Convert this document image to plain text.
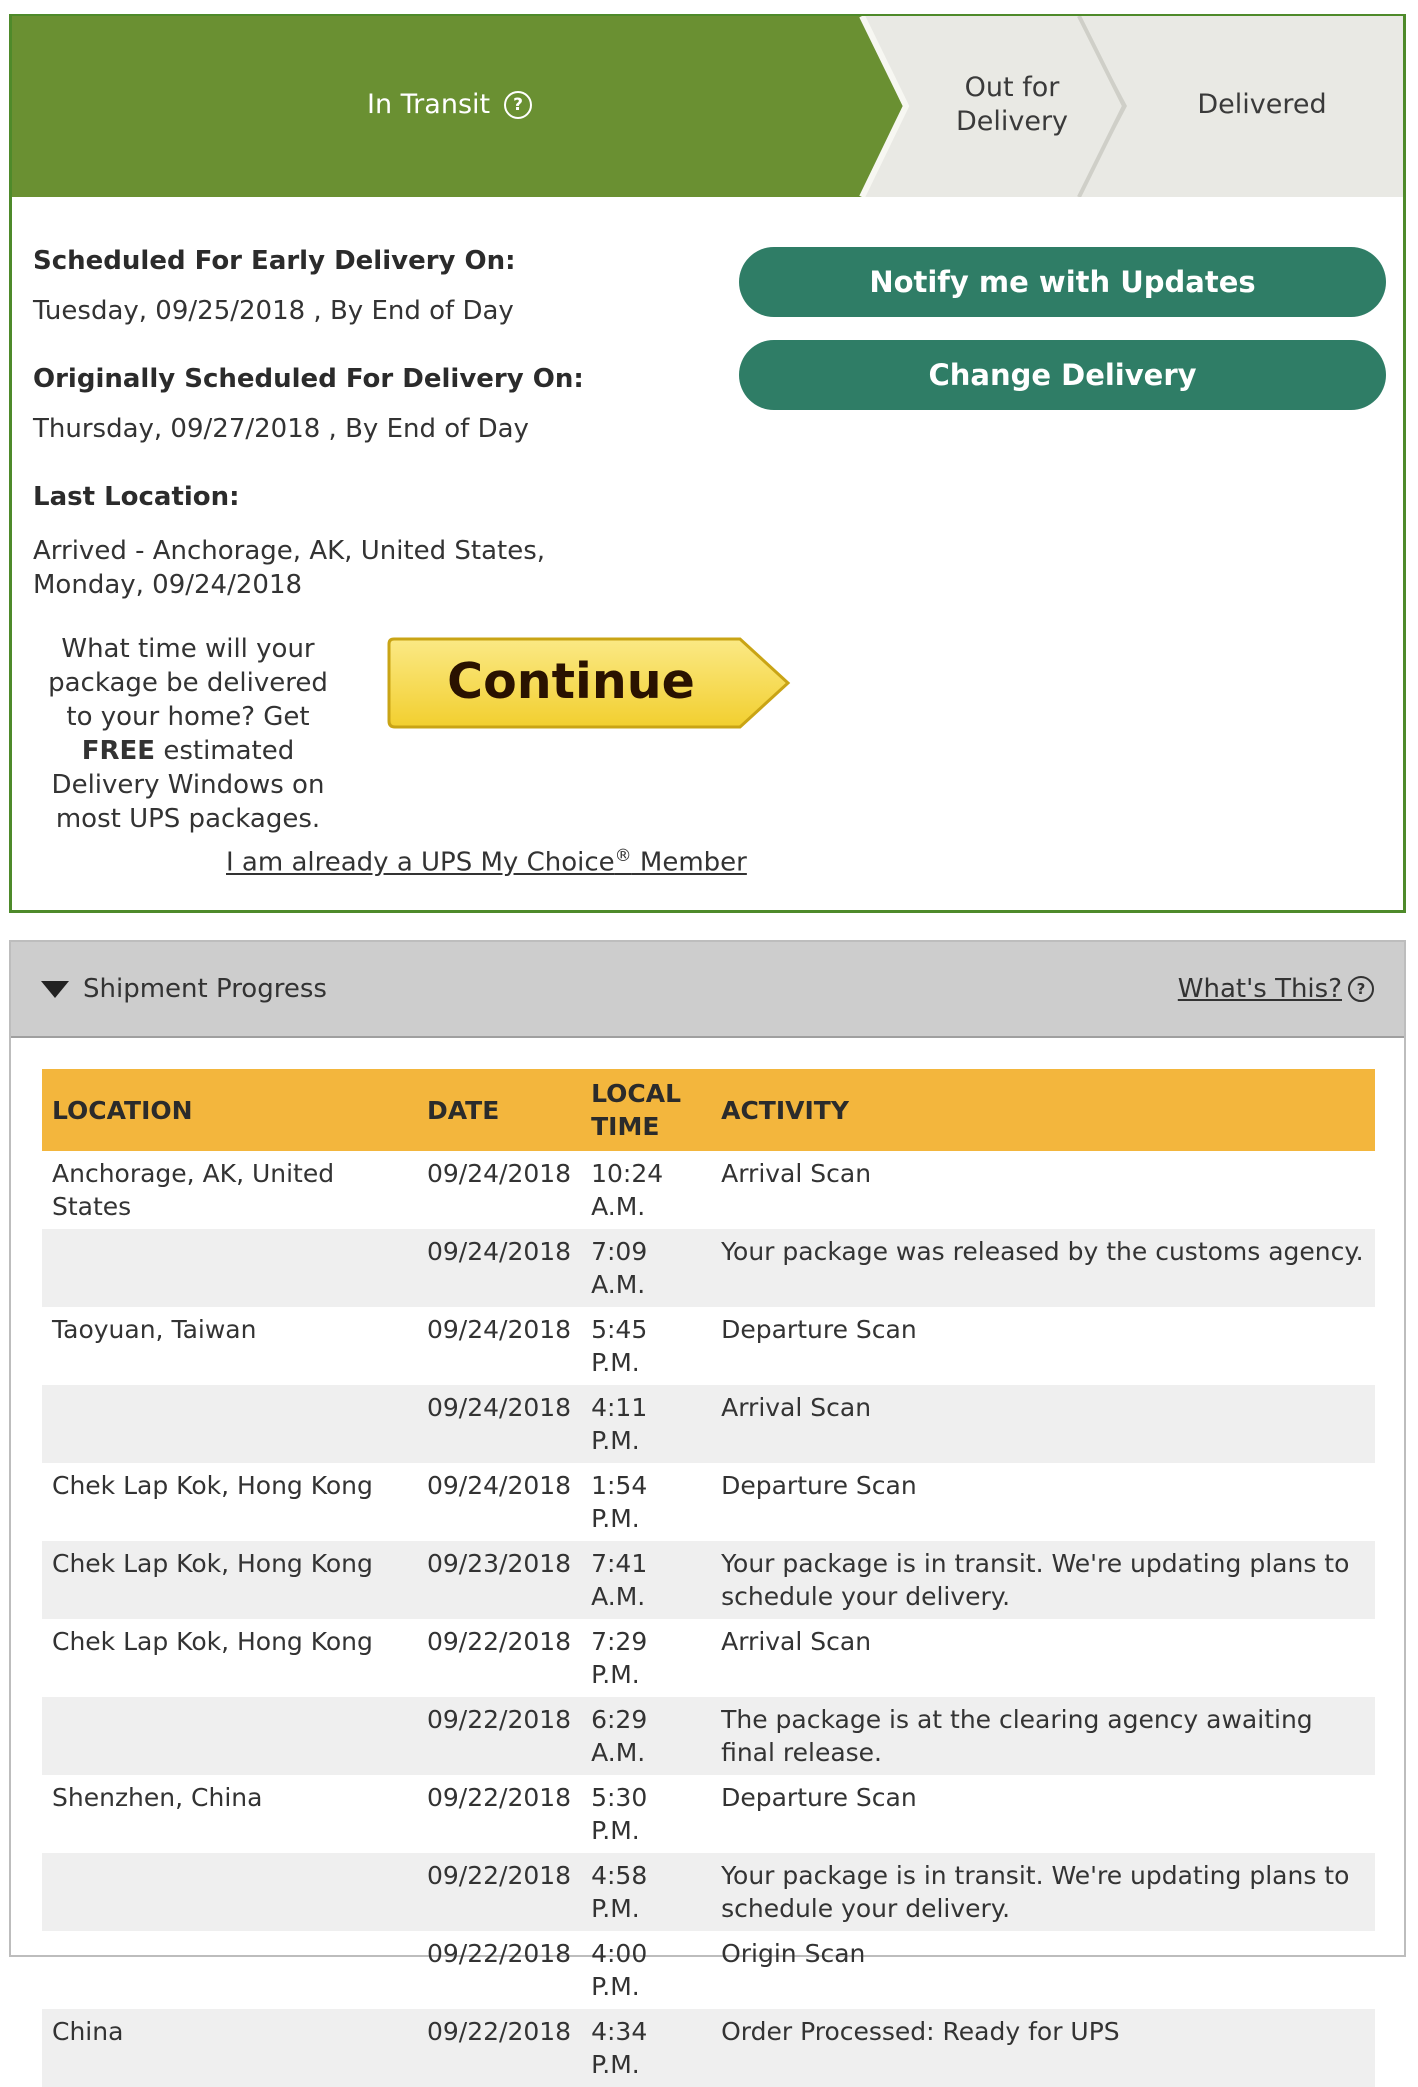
In Transit	?
Out for Delivery
Delivered
Scheduled For Early Delivery On:
Tuesday, 09/25/2018 , By End of Day
Originally Scheduled For Delivery On:
Thursday, 09/27/2018 , By End of Day
Last Location:
Arrived - Anchorage, AK, United States,
Monday, 09/24/2018
Notify me with Updates
Change Delivery
What time will your package be delivered to your home? Get FREE estimated Delivery Windows on most UPS packages.
Continue
I am already a UPS My Choice® Member
Shipment Progress	What's This? ?
LOCATION	DATE	LOCAL TIME	ACTIVITY
Anchorage, AK, United States	09/24/2018	10:24 A.M.	Arrival Scan
	09/24/2018	7:09 A.M.	Your package was released by the customs agency.
Taoyuan, Taiwan	09/24/2018	5:45 P.M.	Departure Scan
	09/24/2018	4:11 P.M.	Arrival Scan
Chek Lap Kok, Hong Kong	09/24/2018	1:54 P.M.	Departure Scan
Chek Lap Kok, Hong Kong	09/23/2018	7:41 A.M.	Your package is in transit. We're updating plans to schedule your delivery.
Chek Lap Kok, Hong Kong	09/22/2018	7:29 P.M.	Arrival Scan
	09/22/2018	6:29 A.M.	The package is at the clearing agency awaiting final release.
Shenzhen, China	09/22/2018	5:30 P.M.	Departure Scan
	09/22/2018	4:58 P.M.	Your package is in transit. We're updating plans to schedule your delivery.
	09/22/2018	4:00 P.M.	Origin Scan
China	09/22/2018	4:34 P.M.	Order Processed: Ready for UPS
